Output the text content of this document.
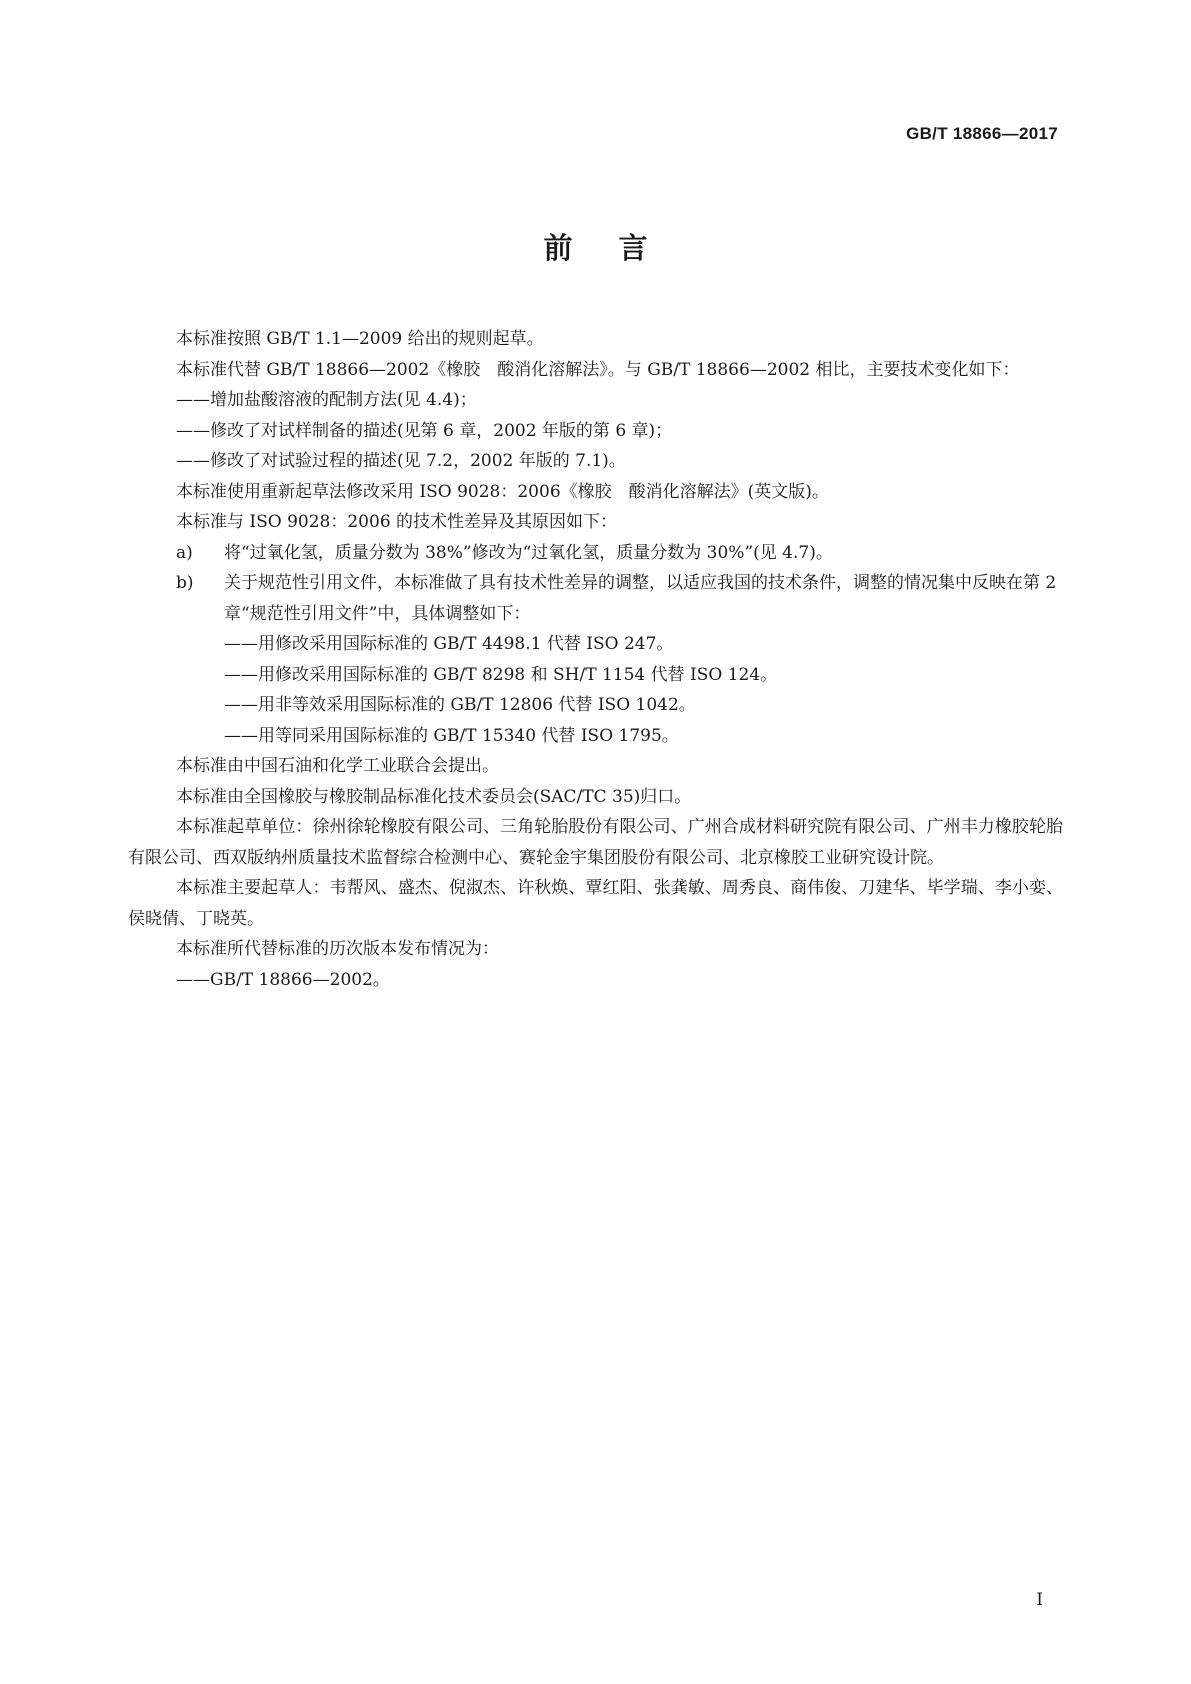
GB/T 18866—2017
前言

本标准按照 GB/T 1.1—2009 给出的规则起草。

本标准代替 GB/T 18866—2002《橡胶　酸消化溶解法》。与 GB/T 18866—2002 相比，主要技术变化如下：

——增加盐酸溶液的配制方法(见 4.4)；

——修改了对试样制备的描述(见第 6 章，2002 年版的第 6 章)；

——修改了对试验过程的描述(见 7.2，2002 年版的 7.1)。

本标准使用重新起草法修改采用 ISO 9028：2006《橡胶　酸消化溶解法》(英文版)。

本标准与 ISO 9028：2006 的技术性差异及其原因如下：

a)	将“过氧化氢，质量分数为 38%”修改为“过氧化氢，质量分数为 30%”(见 4.7)。
b)	关于规范性引用文件，本标准做了具有技术性差异的调整，以适应我国的技术条件，调整的情况集中反映在第 2 章“规范性引用文件”中，具体调整如下：

——用修改采用国际标准的 GB/T 4498.1 代替 ISO 247。

——用修改采用国际标准的 GB/T 8298 和 SH/T 1154 代替 ISO 124。

——用非等效采用国际标准的 GB/T 12806 代替 ISO 1042。

——用等同采用国际标准的 GB/T 15340 代替 ISO 1795。

本标准由中国石油和化学工业联合会提出。

本标准由全国橡胶与橡胶制品标准化技术委员会(SAC/TC 35)归口。

本标准起草单位：徐州徐轮橡胶有限公司、三角轮胎股份有限公司、广州合成材料研究院有限公司、广州丰力橡胶轮胎有限公司、西双版纳州质量技术监督综合检测中心、赛轮金宇集团股份有限公司、北京橡胶工业研究设计院。

本标准主要起草人：韦帮风、盛杰、倪淑杰、许秋焕、覃红阳、张龚敏、周秀良、商伟俊、刀建华、毕学瑞、李小娈、侯晓倩、丁晓英。

本标准所代替标准的历次版本发布情况为：

——GB/T 18866—2002。

I
